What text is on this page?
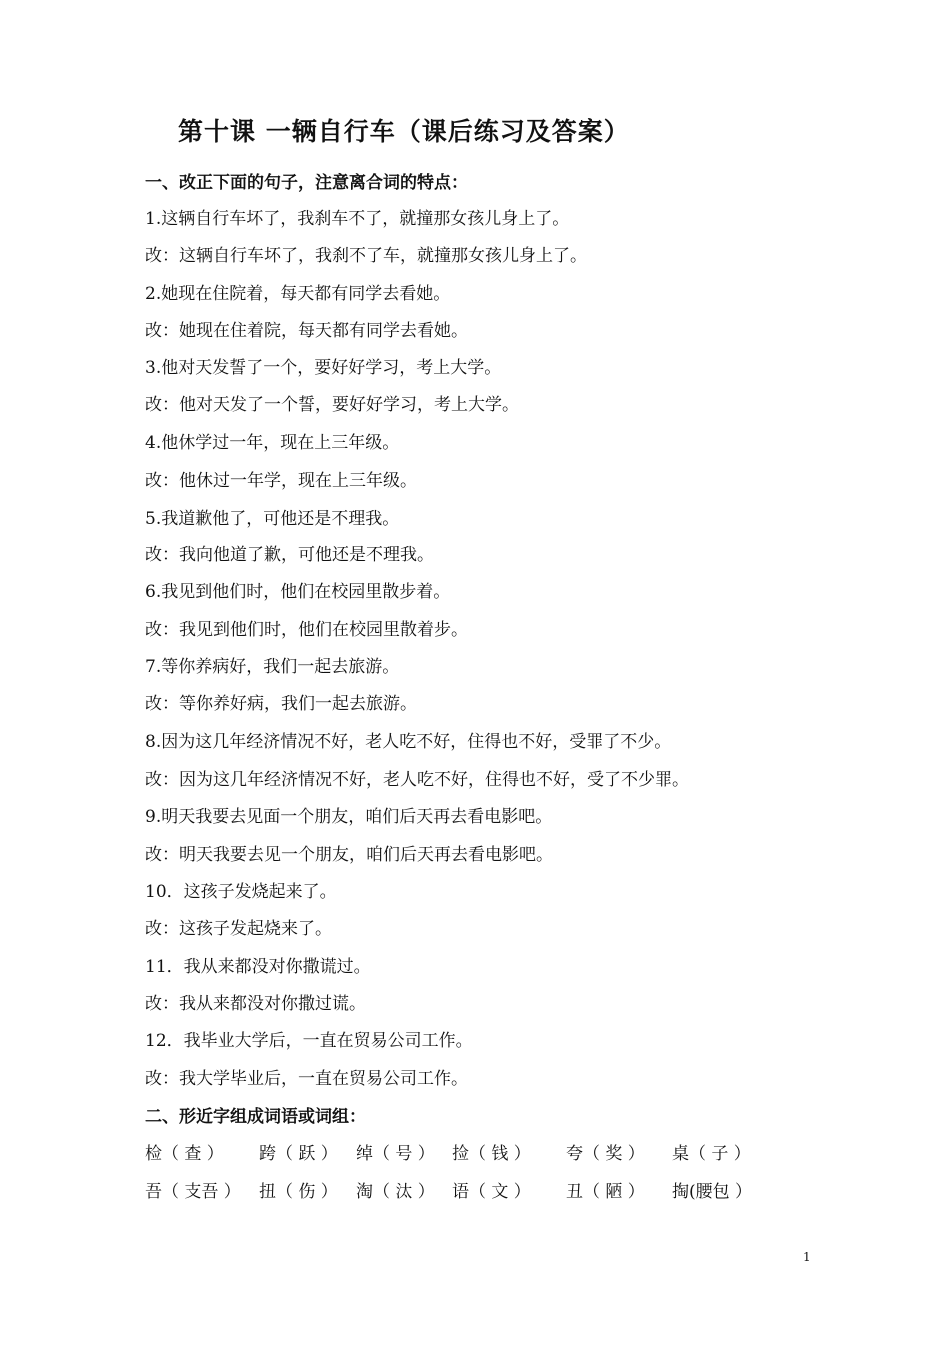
第十课 一辆自行车（课后练习及答案）
一、改正下面的句子，注意离合词的特点：
1.这辆自行车坏了，我刹车不了，就撞那女孩儿身上了。
改：这辆自行车坏了，我刹不了车，就撞那女孩儿身上了。
2.她现在住院着，每天都有同学去看她。
改：她现在住着院，每天都有同学去看她。
3.他对天发誓了一个，要好好学习，考上大学。
改：他对天发了一个誓，要好好学习，考上大学。
4.他休学过一年，现在上三年级。
改：他休过一年学，现在上三年级。
5.我道歉他了，可他还是不理我。
改：我向他道了歉，可他还是不理我。
6.我见到他们时，他们在校园里散步着。
改：我见到他们时，他们在校园里散着步。
7.等你养病好，我们一起去旅游。
改：等你养好病，我们一起去旅游。
8.因为这几年经济情况不好，老人吃不好，住得也不好，受罪了不少。
改：因为这几年经济情况不好，老人吃不好，住得也不好，受了不少罪。
9.明天我要去见面一个朋友，咱们后天再去看电影吧。
改：明天我要去见一个朋友，咱们后天再去看电影吧。
10．这孩子发烧起来了。
改：这孩子发起烧来了。
11．我从来都没对你撒谎过。
改：我从来都没对你撒过谎。
12．我毕业大学后，一直在贸易公司工作。
改：我大学毕业后，一直在贸易公司工作。
二、形近字组成词语或词组：
检（ 查 ） 跨（ 跃 ） 绰（ 号 ） 捡（ 钱 ） 夸（ 奖 ） 桌（ 子 ）
吾（ 支吾 ） 扭（ 伤 ） 淘（ 汰 ） 语（ 文 ） 丑（ 陋 ） 掏(腰包 ）
1
